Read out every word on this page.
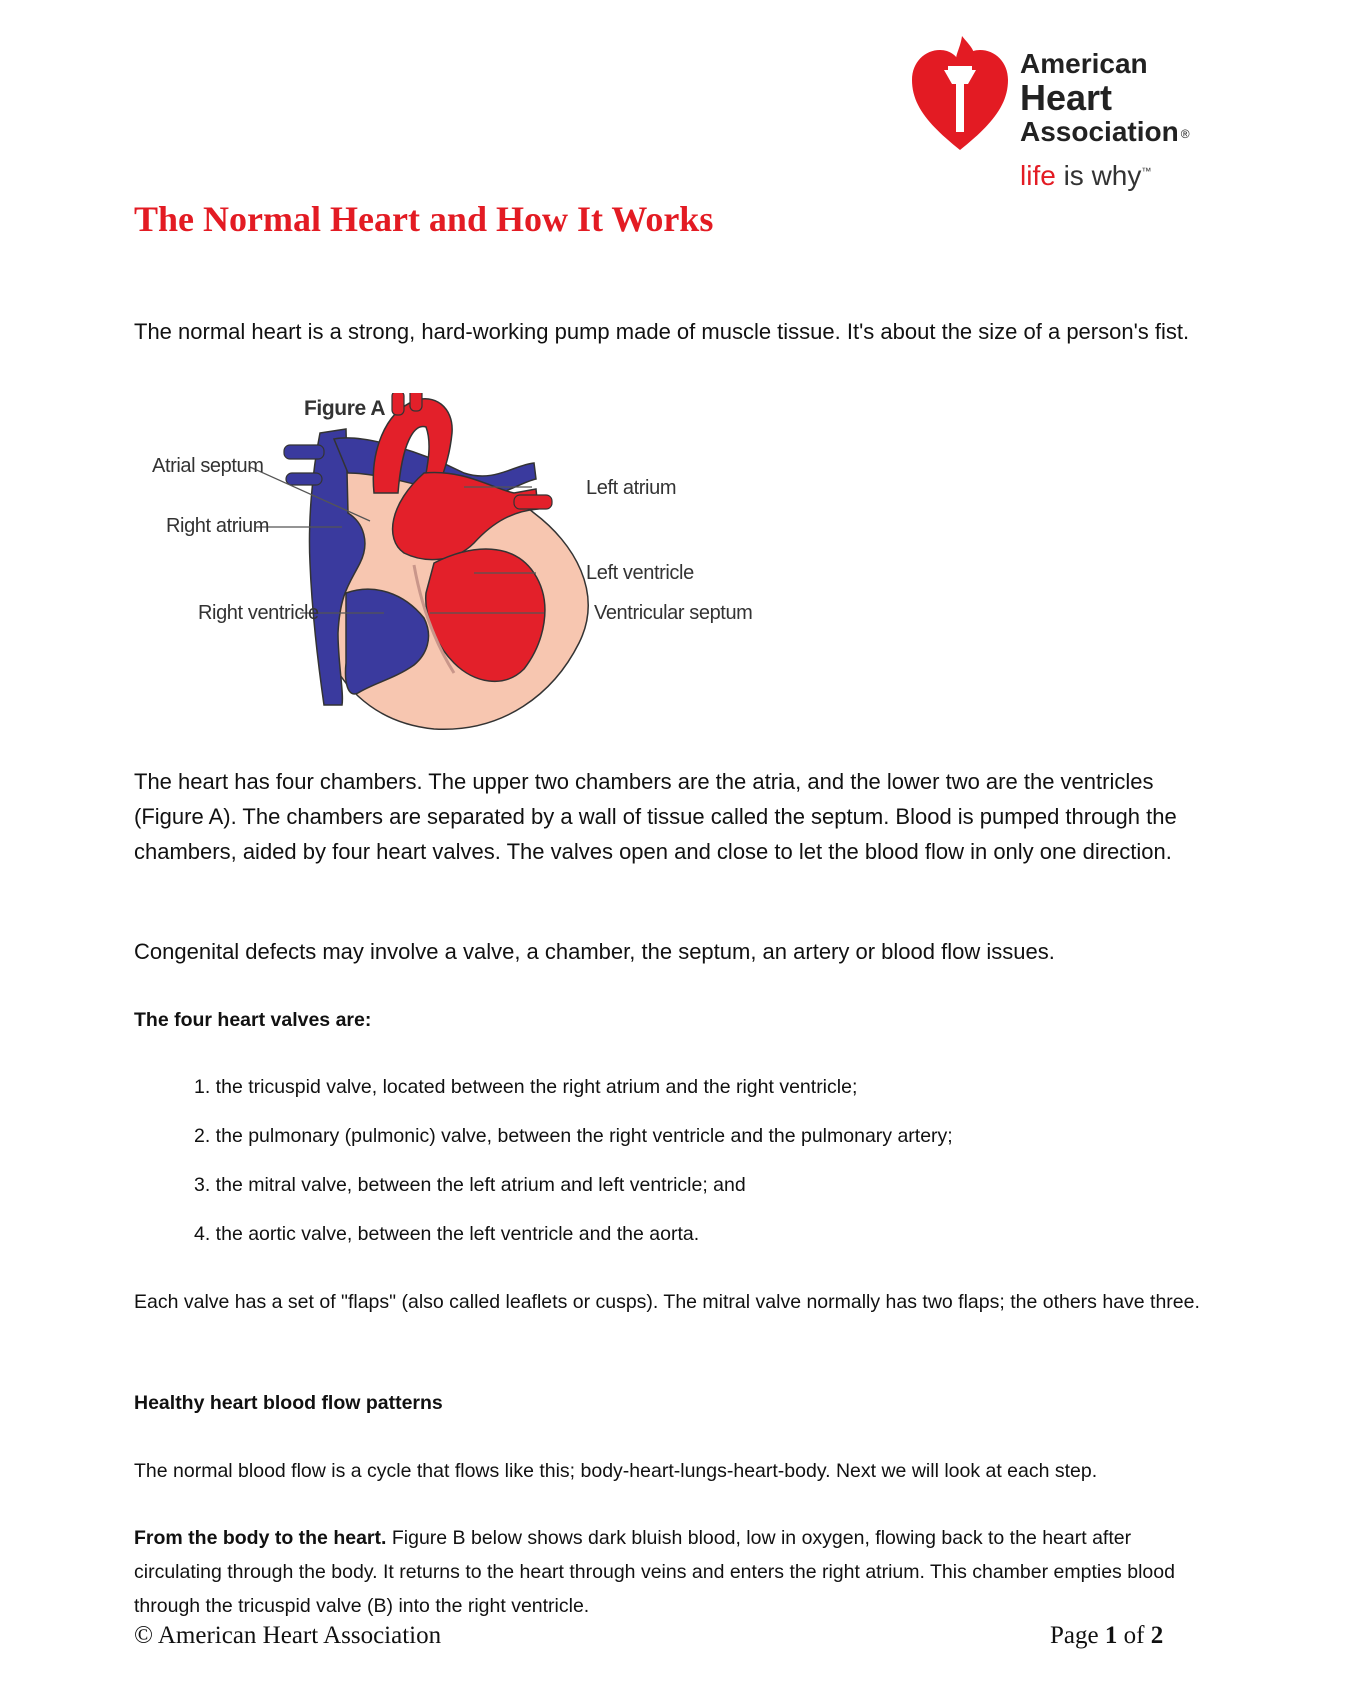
American
Heart
Association ®
life is why™
The Normal Heart and How It Works

The normal heart is a strong, hard-working pump made of muscle tissue. It's about the size of a person's fist.

Figure A
Atrial septum
Right atrium
Right ventricle
Left atrium
Left ventricle
Ventricular septum

The heart has four chambers. The upper two chambers are the atria, and the lower two are the ventricles (Figure A). The chambers are separated by a wall of tissue called the septum. Blood is pumped through the chambers, aided by four heart valves. The valves open and close to let the blood flow in only one direction.

Congenital defects may involve a valve, a chamber, the septum, an artery or blood flow issues.

The four heart valves are:

1. the tricuspid valve, located between the right atrium and the right ventricle;
2. the pulmonary (pulmonic) valve, between the right ventricle and the pulmonary artery;
3. the mitral valve, between the left atrium and left ventricle; and
4. the aortic valve, between the left ventricle and the aorta.

Each valve has a set of "flaps" (also called leaflets or cusps). The mitral valve normally has two flaps; the others have three.

Healthy heart blood flow patterns

The normal blood flow is a cycle that flows like this; body-heart-lungs-heart-body. Next we will look at each step.

From the body to the heart. Figure B below shows dark bluish blood, low in oxygen, flowing back to the heart after circulating through the body. It returns to the heart through veins and enters the right atrium. This chamber empties blood through the tricuspid valve (B) into the right ventricle.

© American Heart Association	Page 1 of 2
